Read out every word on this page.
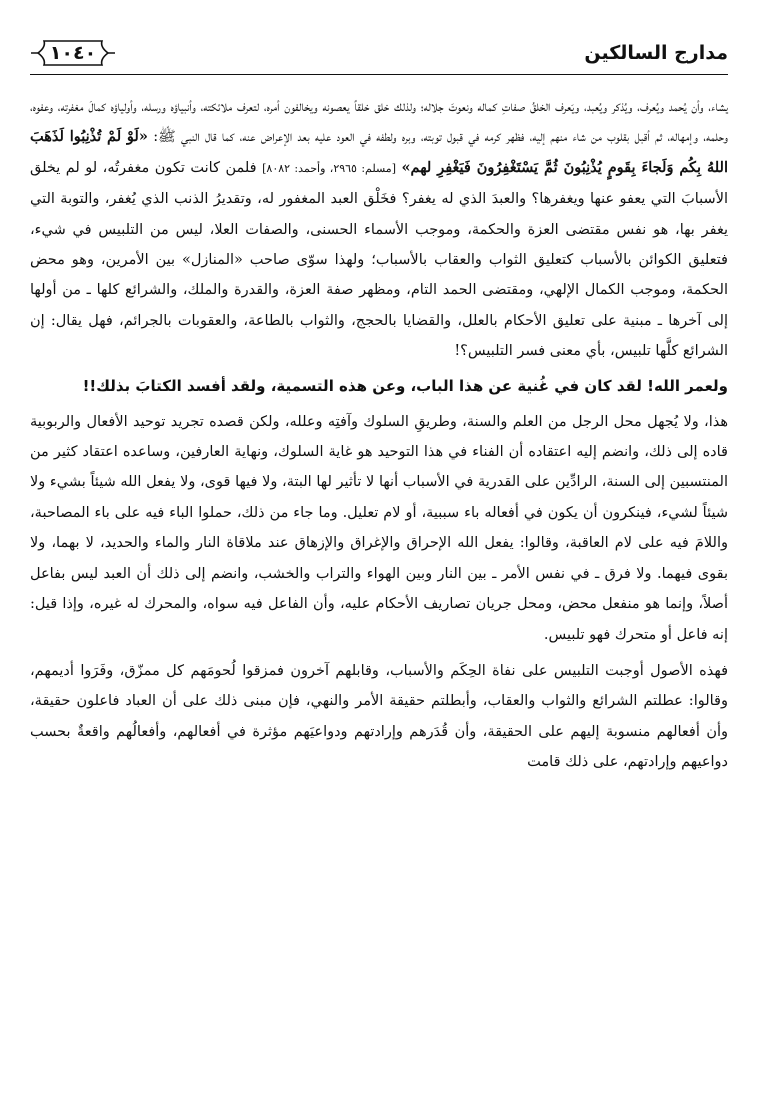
١٠٤٠	مدارج السالكين

يشاء، وأن يُحمد ويُعرف، ويُذكر ويُعبد، ويَعرف الخلقُ صفاتِ كماله ونعوتَ جلاله؛ ولذلك خلق خلقاً يعصونه ويخالفون أمره، لتعرف ملائكته، وأنبياؤه ورسله، وأولياؤه كمالَ مغفرته، وعفوه، وحلمه، وإمهاله، ثم أقبل بقلوب من شاء منهم إليه، فظهر كرمه في قبول توبته، وبره ولطفه في العود عليه بعد الإعراض عنه، كما قال النبي ﷺ: «لَوْ لَمْ تُذْنِبُوا لَذَهَبَ اللهُ بِكُم وَلَجاءَ بِقَومٍ يُذْنِبُونَ ثُمَّ يَسْتَغْفِرُونَ فَيَغْفِرِ لهم» [مسلم: ٢٩٦٥، وأحمد: ٨٠٨٢] فلمن كانت تكون مغفرتُه، لو لم يخلق الأسبابَ التي يعفو عنها ويغفرها؟ والعبدَ الذي له يغفر؟ فخَلْق العبد المغفور له، وتقديرُ الذنب الذي يُغفر، والتوبة التي يغفر بها، هو نفس مقتضى العزة والحكمة، وموجب الأسماء الحسنى، والصفات العلا، ليس من التلبيس في شيء، فتعليق الكوائن بالأسباب كتعليق الثواب والعقاب بالأسباب؛ ولهذا سوّى صاحب «المنازل» بين الأمرين، وهو محض الحكمة، وموجب الكمال الإلهي، ومقتضى الحمد التام، ومظهر صفة العزة، والقدرة والملك، والشرائع كلها ـ من أولها إلى آخرها ـ مبنية على تعليق الأحكام بالعلل، والقضايا بالحجج، والثواب بالطاعة، والعقوبات بالجرائم، فهل يقال: إن الشرائع كلَّها تلبيس، بأي معنى فسر التلبيس؟!

ولعمر الله! لقد كان في غُنية عن هذا الباب، وعن هذه التسمية، ولقد أفسد الكتابَ بذلك!!

هذا، ولا يُجهل محل الرجل من العلم والسنة، وطريقِ السلوك وآفتِه وعلله، ولكن قصده تجريد توحيد الأفعال والربوبية قاده إلى ذلك، وانضم إليه اعتقاده أن الفناء في هذا التوحيد هو غاية السلوك، ونهاية العارفين، وساعده اعتقاد كثير من المنتسبين إلى السنة، الرادِّين على القدرية في الأسباب أنها لا تأثير لها البتة، ولا فيها قوى، ولا يفعل الله شيئاً بشيء ولا شيئاً لشيء، فينكرون أن يكون في أفعاله باء سببية، أو لام تعليل. وما جاء من ذلك، حملوا الباء فيه على باء المصاحبة، واللامَ فيه على لام العاقبة، وقالوا: يفعل الله الإحراق والإغراق والإزهاق عند ملاقاة النار والماء والحديد، لا بهما، ولا بقوى فيهما. ولا فرق ـ في نفس الأمر ـ بين النار وبين الهواء والتراب والخشب، وانضم إلى ذلك أن العبد ليس بفاعل أصلاً، وإنما هو منفعل محض، ومحل جريان تصاريف الأحكام عليه، وأن الفاعل فيه سواه، والمحرك له غيره، وإذا قيل: إنه فاعل أو متحرك فهو تلبيس.

فهذه الأصول أوجبت التلبيس على نفاة الحِكَم والأسباب، وقابلهم آخرون فمزقوا لُحومَهم كل ممزّق، وفَرَوا أديمهم، وقالوا: عطلتم الشرائع والثواب والعقاب، وأبطلتم حقيقة الأمر والنهي، فإن مبنى ذلك على أن العباد فاعلون حقيقة، وأن أفعالهم منسوبة إليهم على الحقيقة، وأن قُدَرهم وإرادتهم ودواعيَهم مؤثرة في أفعالهم، وأفعالُهم واقعةٌ بحسب دواعيهم وإرادتهم، على ذلك قامت
